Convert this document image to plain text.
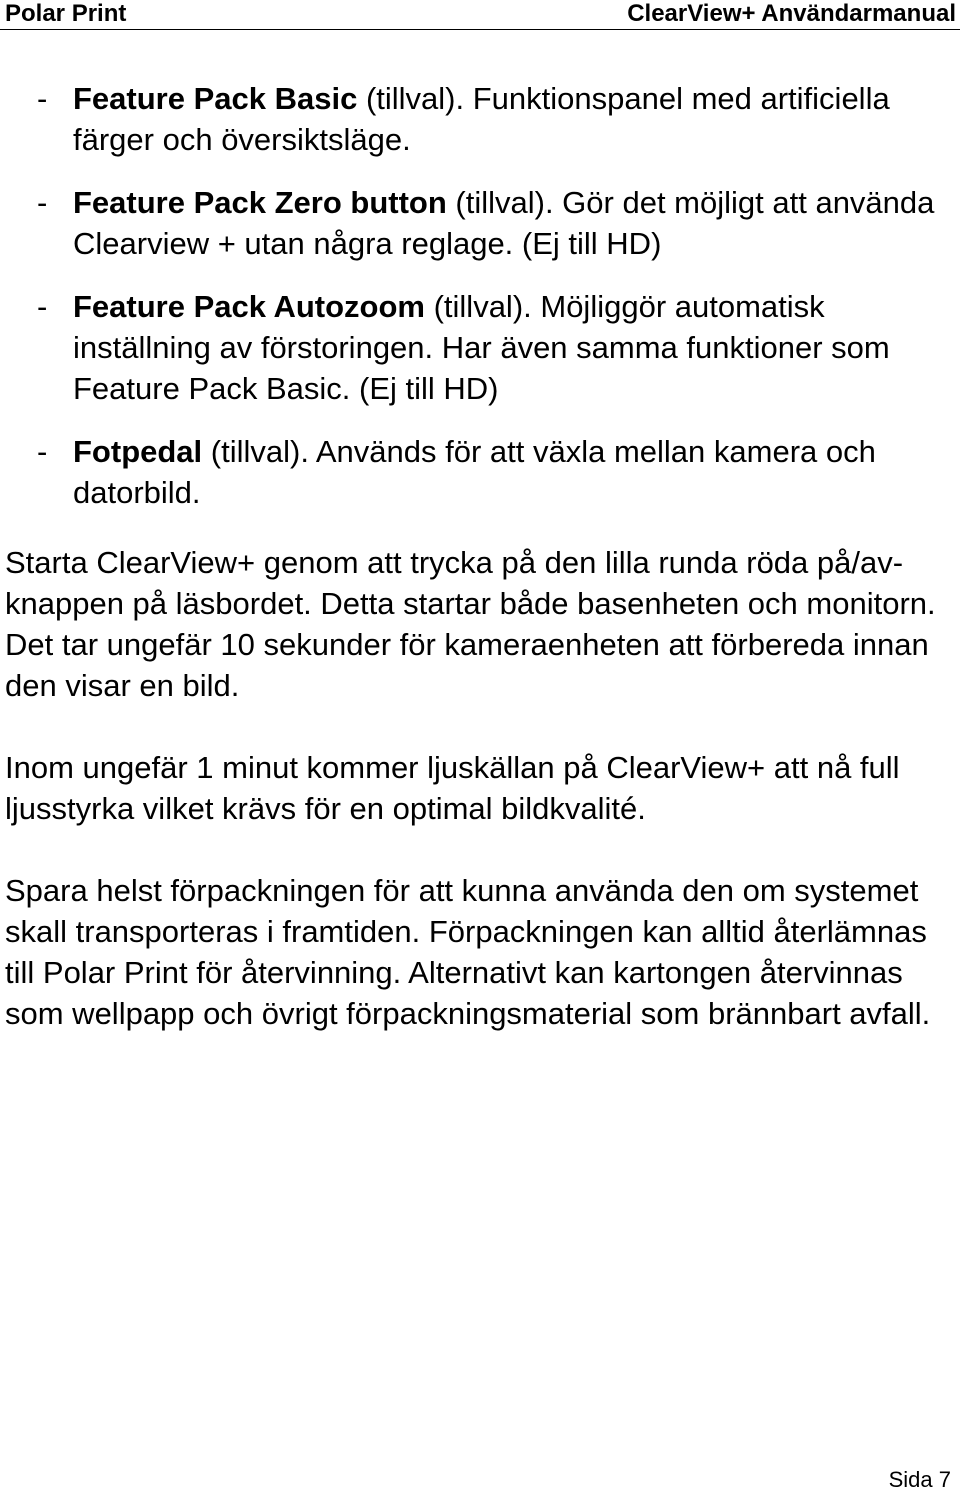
Polar Print	ClearView+ Användarmanual
- Feature Pack Basic (tillval). Funktionspanel med artificiella färger och översiktsläge.
- Feature Pack Zero button (tillval). Gör det möjligt att använda Clearview + utan några reglage. (Ej till HD)
- Feature Pack Autozoom (tillval). Möjliggör automatisk inställning av förstoringen. Har även samma funktioner som Feature Pack Basic. (Ej till HD)
- Fotpedal (tillval). Används för att växla mellan kamera och datorbild.

Starta ClearView+ genom att trycka på den lilla runda röda på/av-knappen på läsbordet. Detta startar både basenheten och monitorn. Det tar ungefär 10 sekunder för kameraenheten att förbereda innan den visar en bild.

Inom ungefär 1 minut kommer ljuskällan på ClearView+ att nå full ljusstyrka vilket krävs för en optimal bildkvalité.

Spara helst förpackningen för att kunna använda den om systemet skall transporteras i framtiden. Förpackningen kan alltid återlämnas till Polar Print för återvinning. Alternativt kan kartongen återvinnas som wellpapp och övrigt förpackningsmaterial som brännbart avfall.

Sida 7
